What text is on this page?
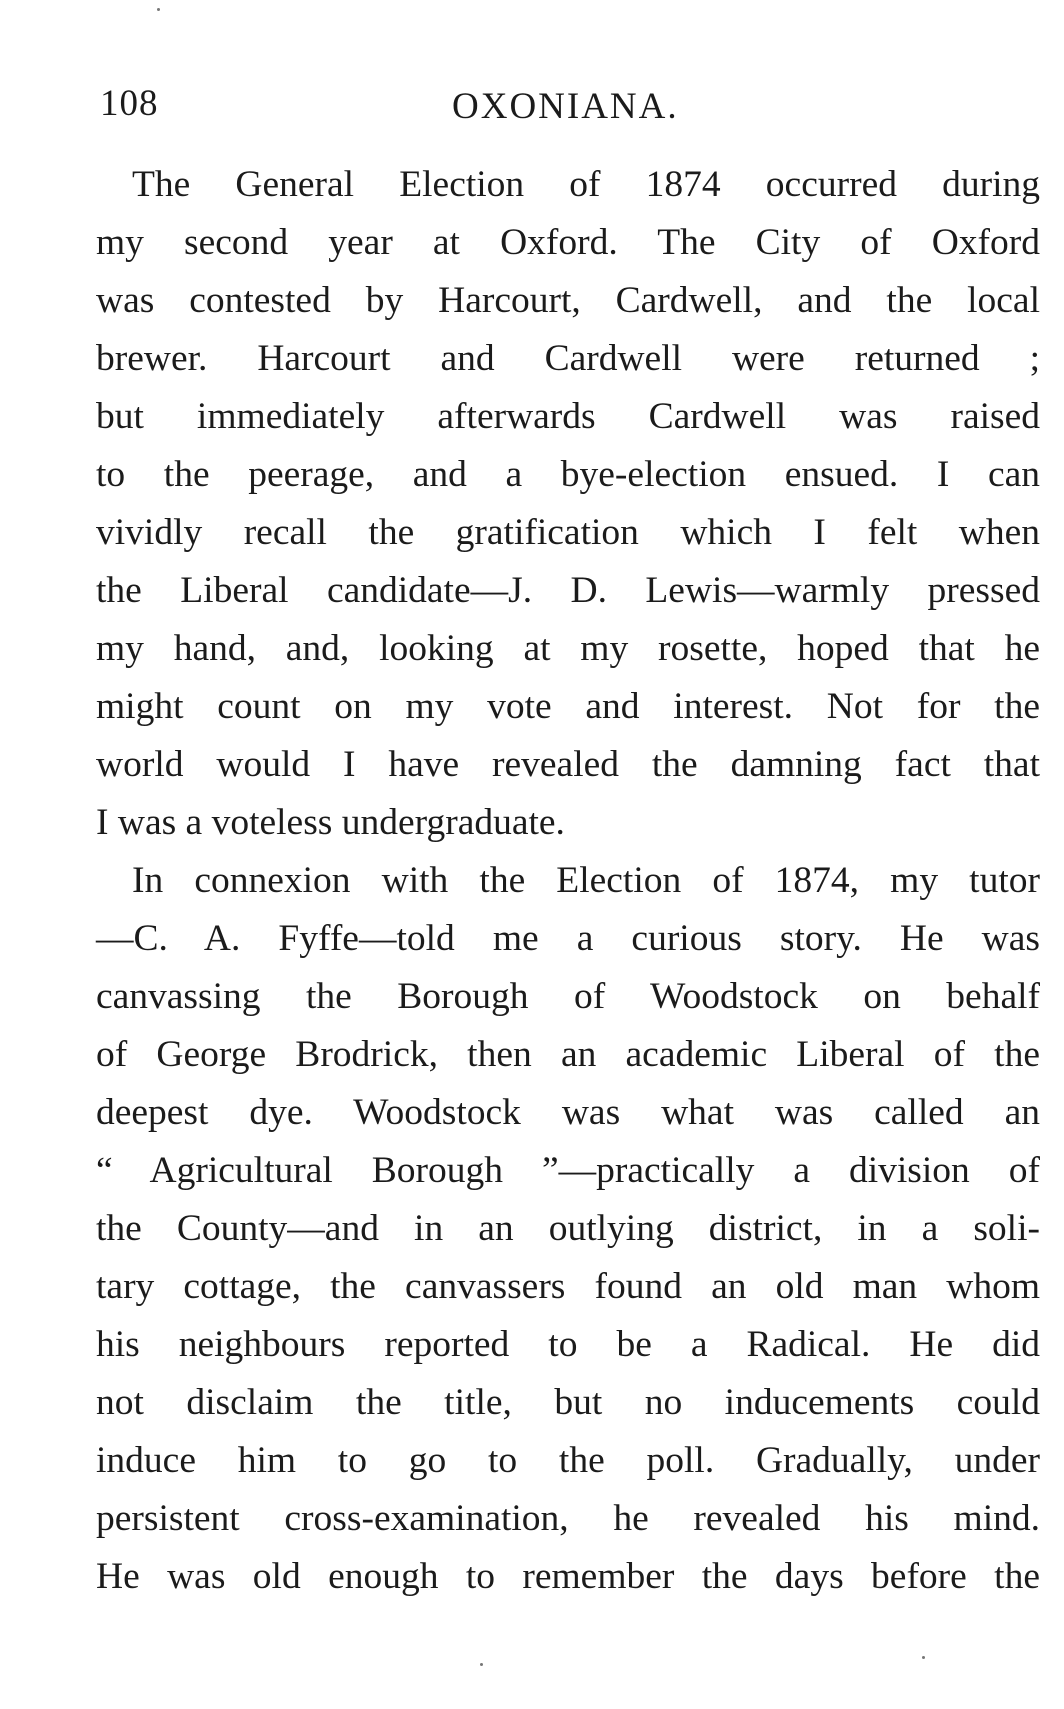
108	OXONIANA.
The General Election of 1874 occurred during
my second year at Oxford. The City of Oxford
was contested by Harcourt, Cardwell, and the local
brewer. Harcourt and Cardwell were returned ;
but immediately afterwards Cardwell was raised
to the peerage, and a bye-election ensued. I can
vividly recall the gratification which I felt when
the Liberal candidate—J. D. Lewis—warmly pressed
my hand, and, looking at my rosette, hoped that he
might count on my vote and interest. Not for the
world would I have revealed the damning fact that
I was a voteless undergraduate.
In connexion with the Election of 1874, my tutor
—C. A. Fyffe—told me a curious story. He was
canvassing the Borough of Woodstock on behalf
of George Brodrick, then an academic Liberal of the
deepest dye. Woodstock was what was called an
“ Agricultural Borough ”—practically a division of
the County—and in an outlying district, in a soli-
tary cottage, the canvassers found an old man whom
his neighbours reported to be a Radical. He did
not disclaim the title, but no inducements could
induce him to go to the poll. Gradually, under
persistent cross-examination, he revealed his mind.
He was old enough to remember the days before the
